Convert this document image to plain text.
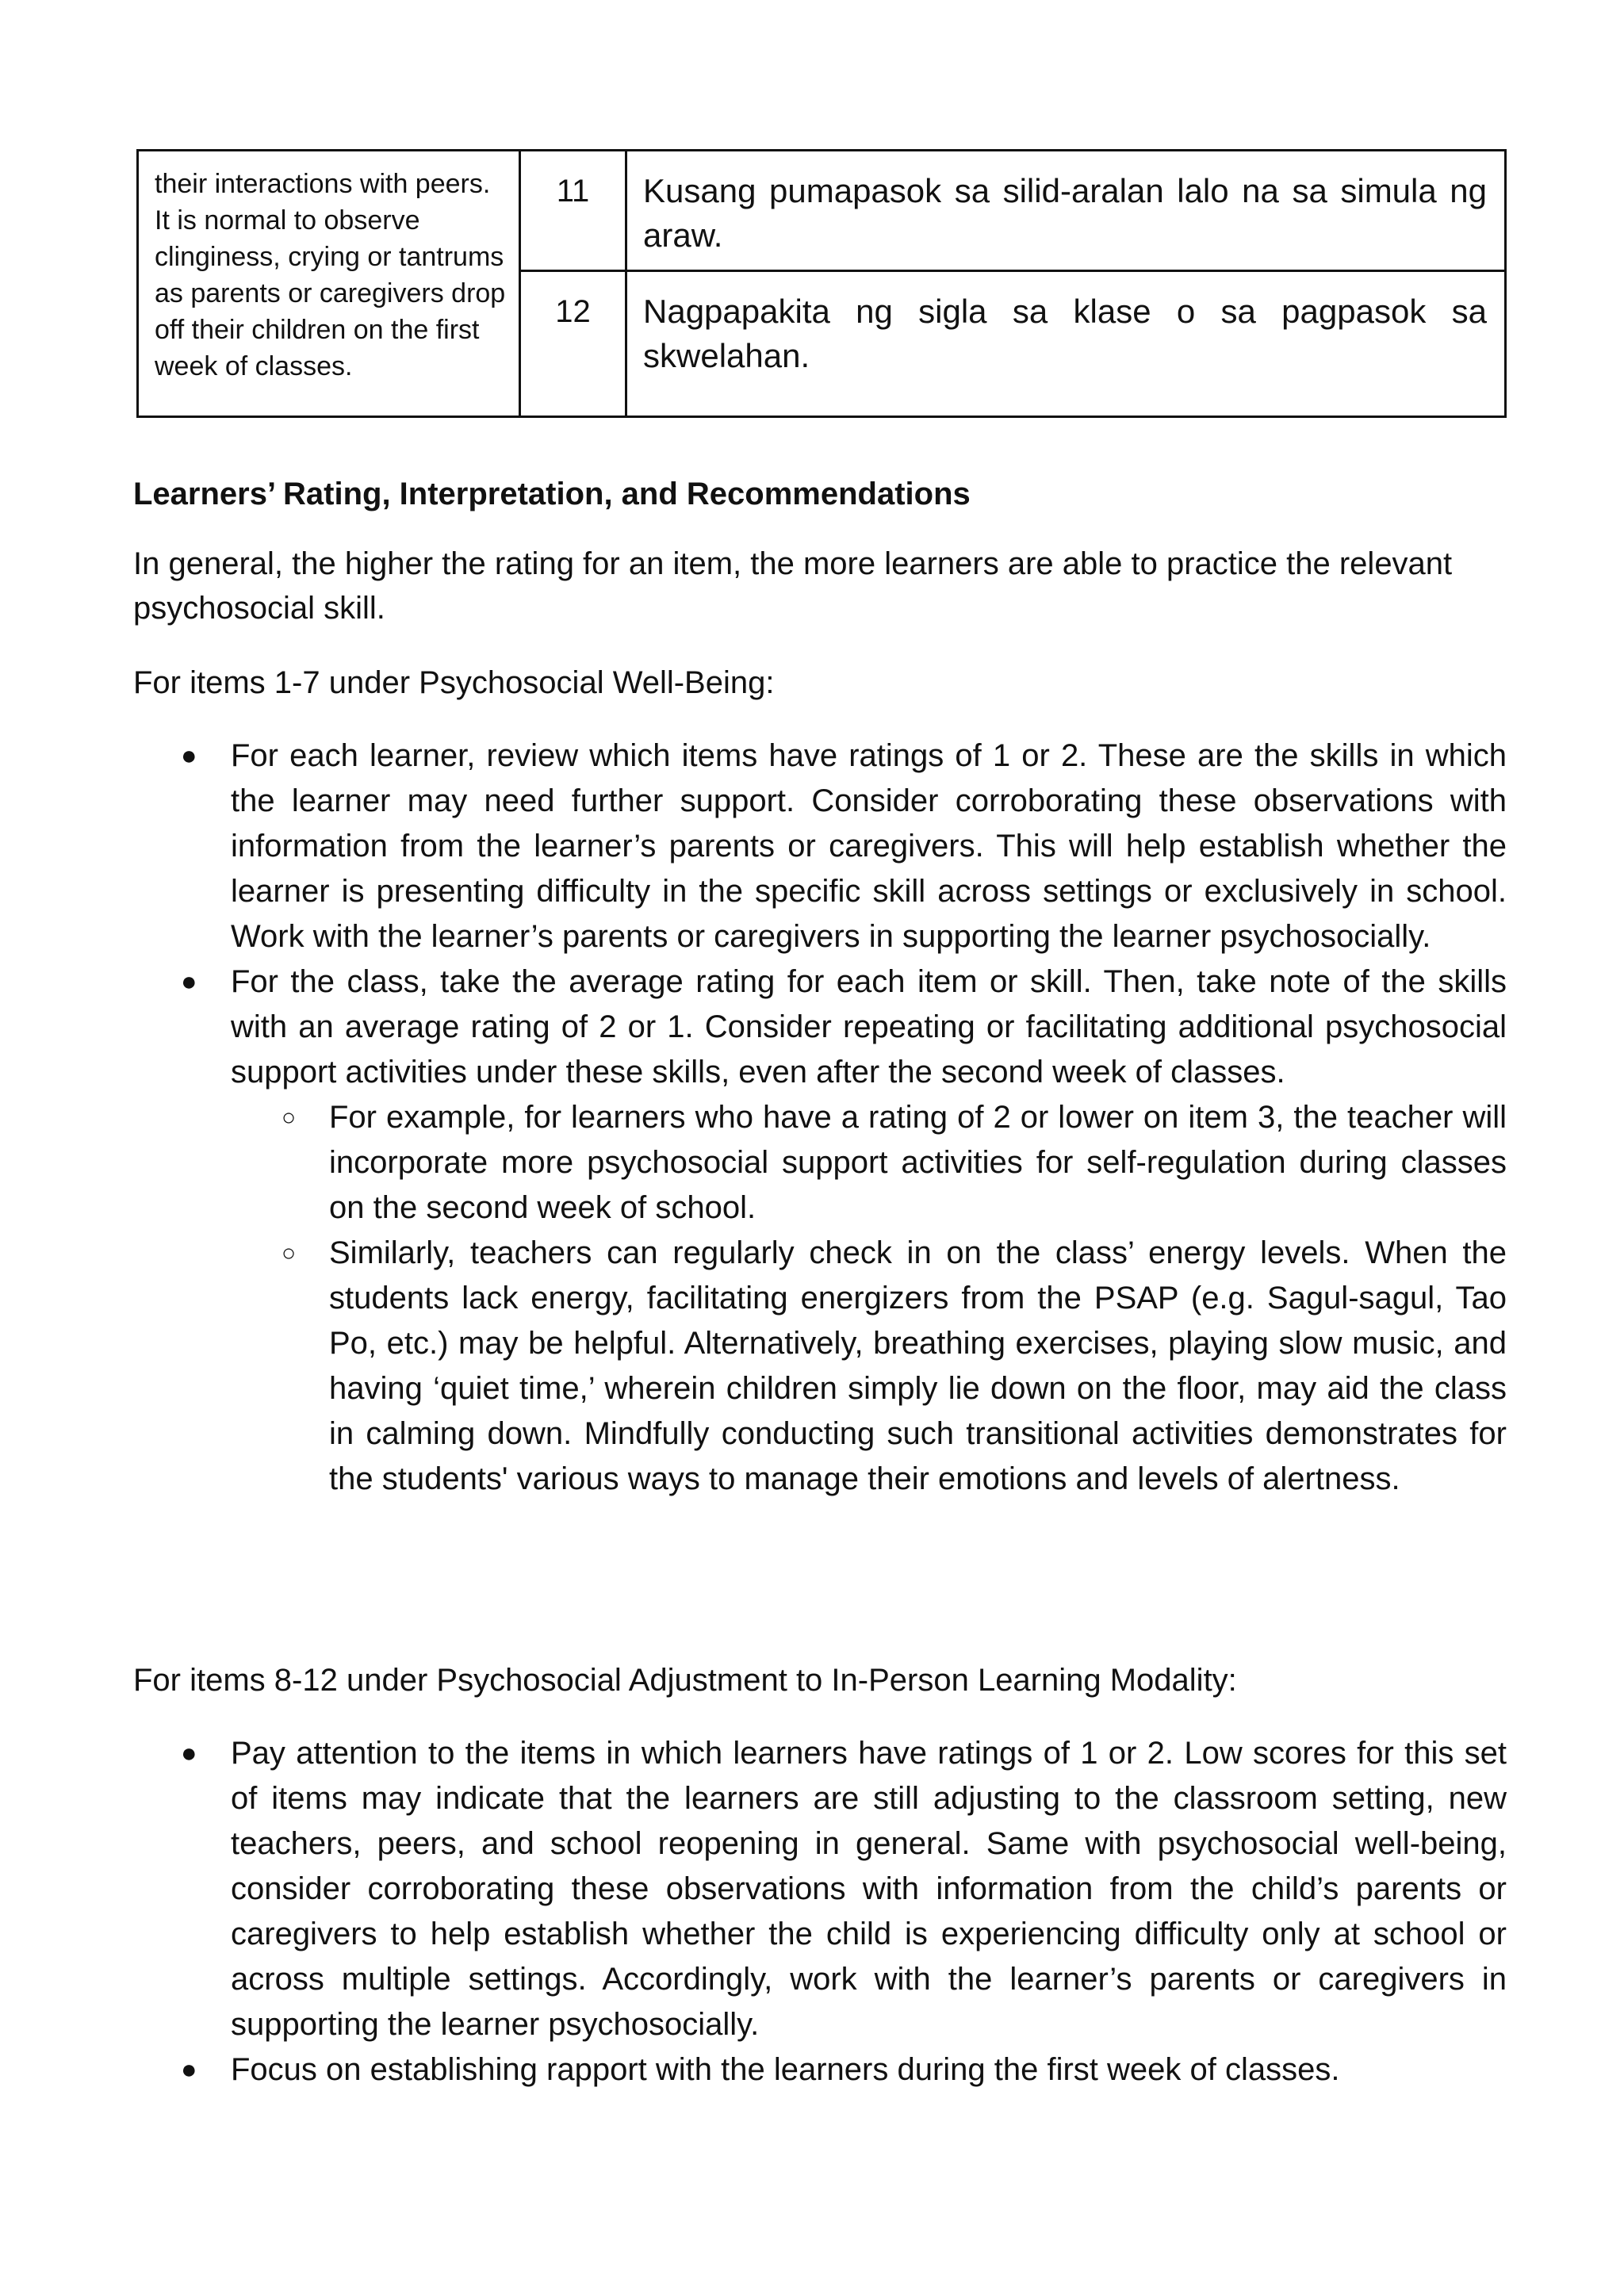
their interactions with peers. It is normal to observe clinginess, crying or tantrums as parents or caregivers drop off their children on the first week of classes.	11	Kusang pumapasok sa silid-aralan lalo na sa simula ng araw.
	12	Nagpapakita ng sigla sa klase o sa pagpasok sa skwelahan.
Learners’ Rating, Interpretation, and Recommendations
In general, the higher the rating for an item, the more learners are able to practice the relevant psychosocial skill.
For items 1-7 under Psychosocial Well-Being:
● For each learner, review which items have ratings of 1 or 2. These are the skills in which the learner may need further support. Consider corroborating these observations with information from the learner’s parents or caregivers. This will help establish whether the learner is presenting difficulty in the specific skill across settings or exclusively in school. Work with the learner’s parents or caregivers in supporting the learner psychosocially.
● For the class, take the average rating for each item or skill. Then, take note of the skills with an average rating of 2 or 1. Consider repeating or facilitating additional psychosocial support activities under these skills, even after the second week of classes.
○ For example, for learners who have a rating of 2 or lower on item 3, the teacher will incorporate more psychosocial support activities for self-regulation during classes on the second week of school.
○ Similarly, teachers can regularly check in on the class’ energy levels. When the students lack energy, facilitating energizers from the PSAP (e.g. Sagul-sagul, Tao Po, etc.) may be helpful. Alternatively, breathing exercises, playing slow music, and having ‘quiet time,’ wherein children simply lie down on the floor, may aid the class in calming down. Mindfully conducting such transitional activities demonstrates for the students' various ways to manage their emotions and levels of alertness.
For items 8-12 under Psychosocial Adjustment to In-Person Learning Modality:
● Pay attention to the items in which learners have ratings of 1 or 2. Low scores for this set of items may indicate that the learners are still adjusting to the classroom setting, new teachers, peers, and school reopening in general. Same with psychosocial well-being, consider corroborating these observations with information from the child’s parents or caregivers to help establish whether the child is experiencing difficulty only at school or across multiple settings. Accordingly, work with the learner’s parents or caregivers in supporting the learner psychosocially.
● Focus on establishing rapport with the learners during the first week of classes.
